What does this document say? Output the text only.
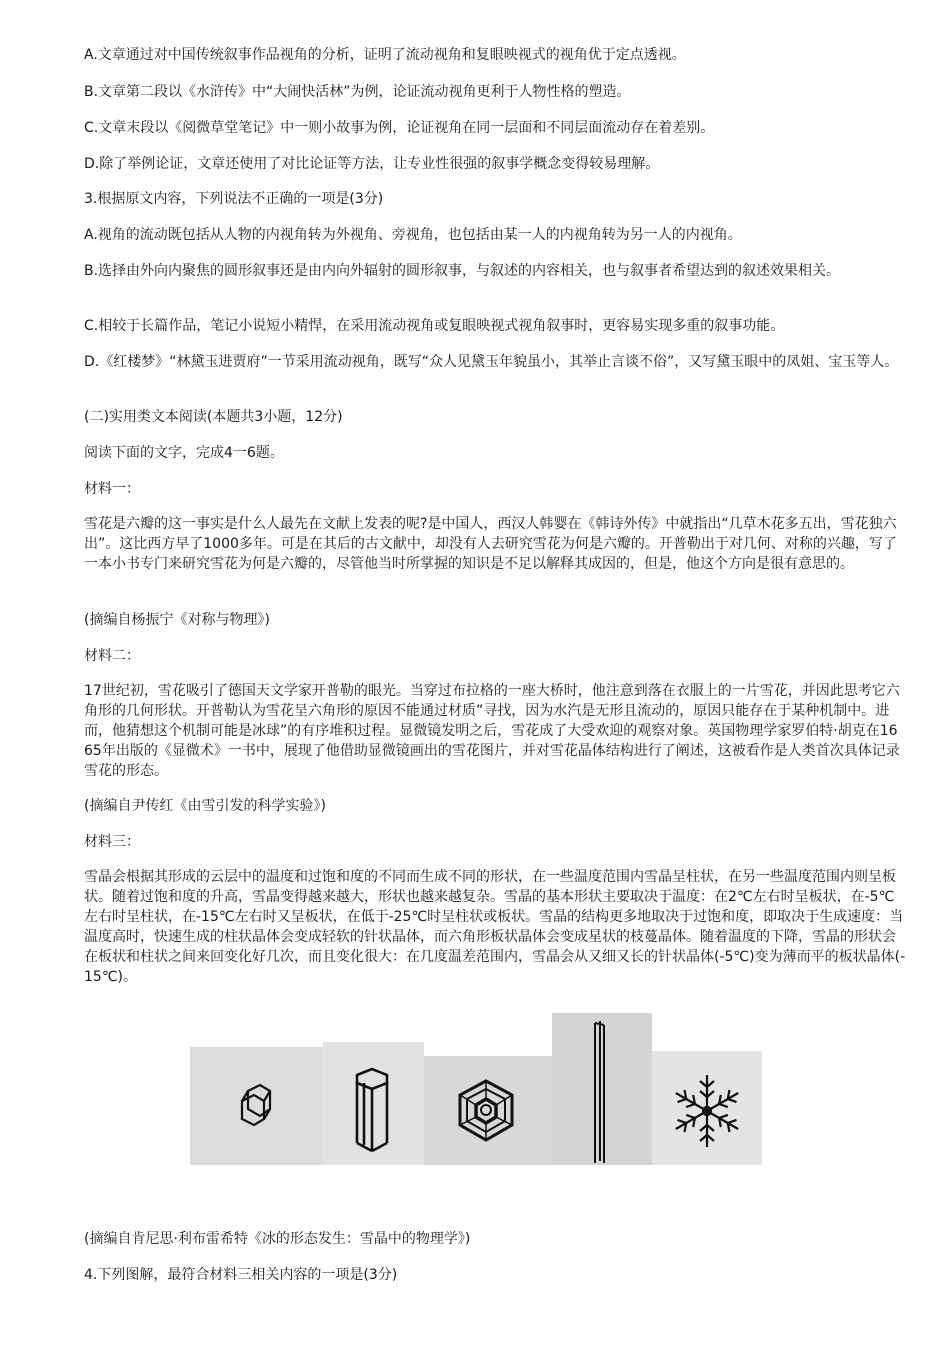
A.文章通过对中国传统叙事作品视角的分析，证明了流动视角和复眼映视式的视角优于定点透视。

B.文章第二段以《水浒传》中“大闹快活林”为例，论证流动视角更利于人物性格的塑造。

C.文章末段以《阅微草堂笔记》中一则小故事为例，论证视角在同一层面和不同层面流动存在着差别。

D.除了举例论证，文章还使用了对比论证等方法，让专业性很强的叙事学概念变得较易理解。

3.根据原文内容，下列说法不正确的一项是(3分)

A.视角的流动既包括从人物的内视角转为外视角、旁视角，也包括由某一人的内视角转为另一人的内视角。

B.选择由外向内聚焦的圆形叙事还是由内向外辐射的圆形叙事，与叙述的内容相关，也与叙事者希望达到的叙述效果相关。

C.相较于长篇作品，笔记小说短小精悍，在采用流动视角或复眼映视式视角叙事时，更容易实现多重的叙事功能。

D.《红楼梦》“林黛玉进贾府”一节采用流动视角，既写“众人见黛玉年貌虽小，其举止言谈不俗”，又写黛玉眼中的凤姐、宝玉等人。

(二)实用类文本阅读(本题共3小题，12分)

阅读下面的文字，完成4一6题。

材料一：

雪花是六瓣的这一事实是什么人最先在文献上发表的呢?是中国人，西汉人韩婴在《韩诗外传》中就指出“几草木花多五出，雪花独六出”。这比西方早了1000多年。可是在其后的古文献中，却没有人去研究雪花为何是六瓣的。开普勒出于对几何、对称的兴趣，写了一本小书专门来研究雪花为何是六瓣的，尽管他当时所掌握的知识是不足以解释其成因的，但是，他这个方向是很有意思的。

(摘编自杨振宁《对称与物理》)

材料二：

17世纪初，雪花吸引了德国天文学家开普勒的眼光。当穿过布拉格的一座大桥时，他注意到落在衣服上的一片雪花，并因此思考它六角形的几何形状。开普勒认为雪花呈六角形的原因不能通过材质”寻找，因为水汽是无形且流动的，原因只能存在于某种机制中。进而，他猜想这个机制可能是冰球”的有序堆积过程。显微镜发明之后，雪花成了大受欢迎的观察对象。英国物理学家罗伯特·胡克在1665年出版的《显微术》一书中，展现了他借助显微镜画出的雪花图片，并对雪花晶体结构进行了阐述，这被看作是人类首次具体记录雪花的形态。

(摘编自尹传红《由雪引发的科学实验》)

材料三：

雪晶会根据其形成的云层中的温度和过饱和度的不同而生成不同的形状，在一些温度范围内雪晶呈柱状，在另一些温度范围内则呈板状。随着过饱和度的升高，雪晶变得越来越大，形状也越来越复杂。雪晶的基本形状主要取决于温度：在2℃左右时呈板状，在-5℃左右时呈柱状，在-15℃左右时又呈板状，在低于-25℃时呈柱状或板状。雪晶的结构更多地取决于过饱和度，即取决于生成速度：当温度高时，快速生成的柱状晶体会变成轻软的针状晶体，而六角形板状晶体会变成星状的枝蔓晶体。随着温度的下降，雪晶的形状会在板状和柱状之间来回变化好几次，而且变化很大：在几度温差范围内，雪晶会从又细又长的针状晶体(-5℃)变为薄而平的板状晶体(-15℃)。

(摘编自肯尼思·利布雷希特《冰的形态发生：雪晶中的物理学》)

4.下列图解，最符合材料三相关内容的一项是(3分)
